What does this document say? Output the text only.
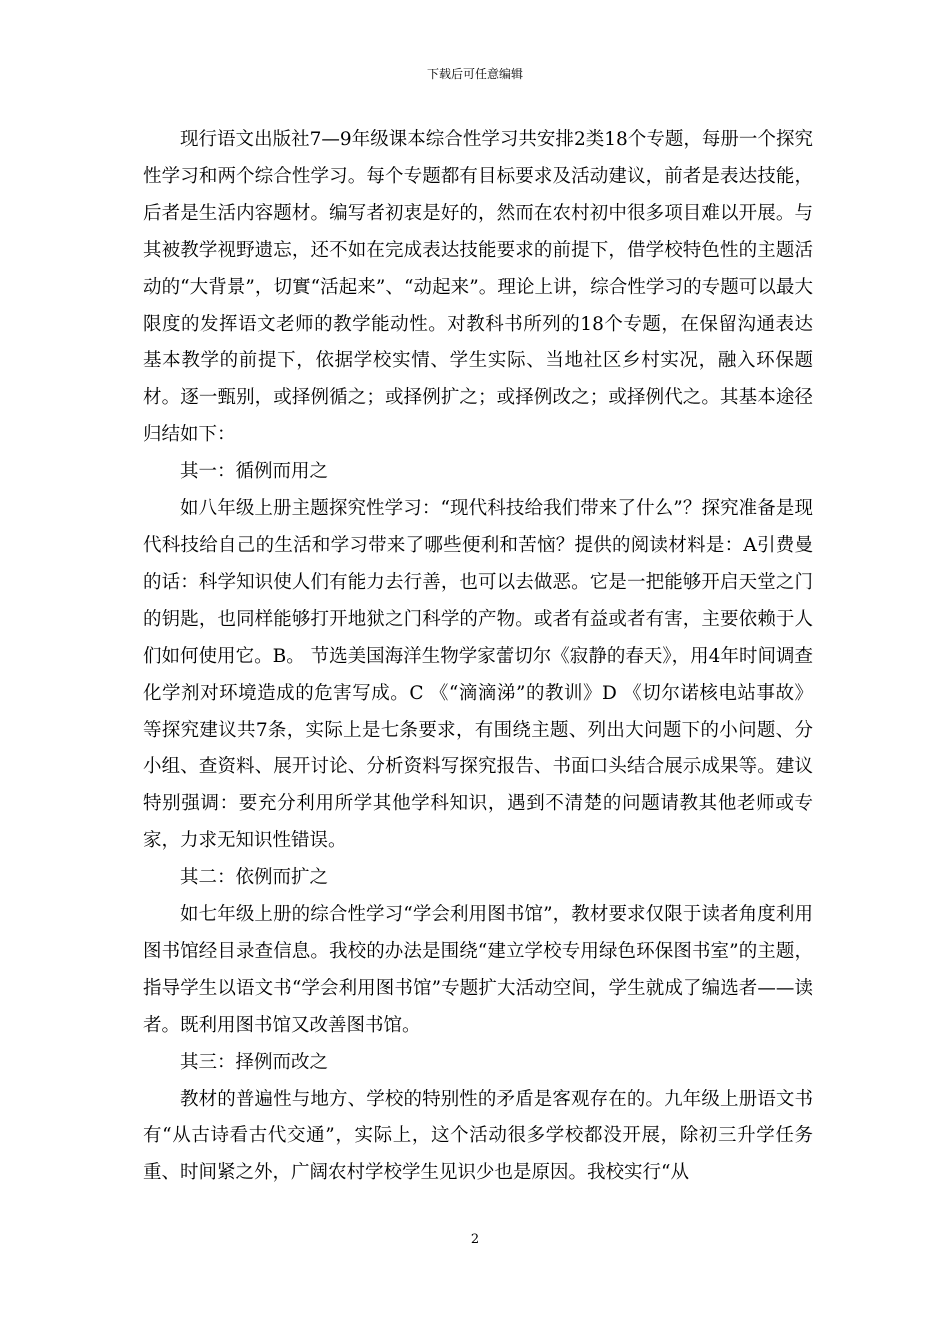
下载后可任意编辑

现行语文出版社7—9年级课本综合性学习共安排2类18个专题，每册一个探究性学习和两个综合性学习。每个专题都有目标要求及活动建议，前者是表达技能，后者是生活内容题材。编写者初衷是好的，然而在农村初中很多项目难以开展。与其被教学视野遗忘，还不如在完成表达技能要求的前提下，借学校特色性的主题活动的“大背景”，切實“活起来”、“动起来”。理论上讲，综合性学习的专题可以最大限度的发挥语文老师的教学能动性。对教科书所列的18个专题，在保留沟通表达基本教学的前提下，依据学校实情、学生实际、当地社区乡村实况，融入环保题材。逐一甄别，或择例循之；或择例扩之；或择例改之；或择例代之。其基本途径归结如下：

其一：循例而用之

如八年级上册主题探究性学习：“现代科技给我们带来了什么”？探究准备是现代科技给自己的生活和学习带来了哪些便利和苦恼？提供的阅读材料是：A引费曼的话：科学知识使人们有能力去行善，也可以去做恶。它是一把能够开启天堂之门的钥匙，也同样能够打开地狱之门科学的产物。或者有益或者有害，主要依赖于人们如何使用它。B。 节选美国海洋生物学家蕾切尔《寂静的春天》，用4年时间调查化学剂对环境造成的危害写成。C 《“滴滴涕”的教训》D 《切尔诺核电站事故》等探究建议共7条，实际上是七条要求，有围绕主题、列出大问题下的小问题、分小组、查资料、展开讨论、分析资料写探究报告、书面口头结合展示成果等。建议特别强调：要充分利用所学其他学科知识，遇到不清楚的问题请教其他老师或专家，力求无知识性错误。

其二：依例而扩之

如七年级上册的综合性学习“学会利用图书馆”，教材要求仅限于读者角度利用图书馆经目录查信息。我校的办法是围绕“建立学校专用绿色环保图书室”的主题，指导学生以语文书“学会利用图书馆”专题扩大活动空间，学生就成了编选者——读者。既利用图书馆又改善图书馆。

其三：择例而改之

教材的普遍性与地方、学校的特别性的矛盾是客观存在的。九年级上册语文书有“从古诗看古代交通”，实际上，这个活动很多学校都没开展，除初三升学任务重、时间紧之外，广阔农村学校学生见识少也是原因。我校实行“从

2
